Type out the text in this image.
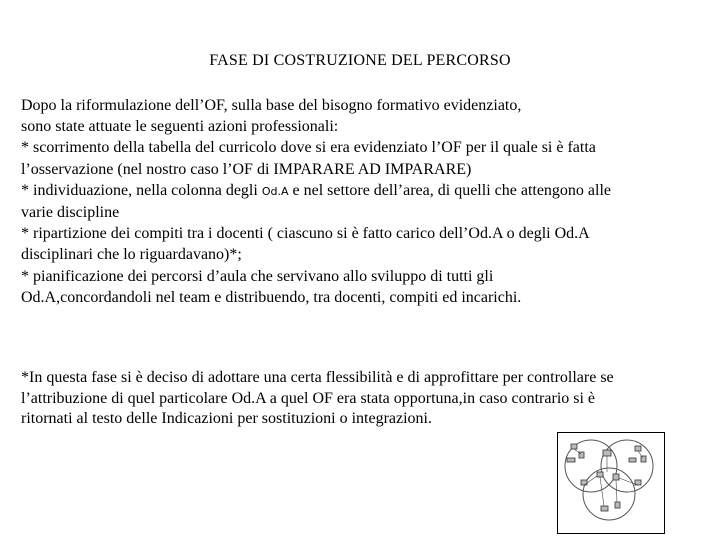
FASE DI COSTRUZIONE DEL PERCORSO
Dopo la riformulazione dell’OF, sulla base del bisogno formativo evidenziato,
sono state attuate le seguenti azioni professionali:
* scorrimento della tabella del curricolo dove si era evidenziato l’OF per il quale si è fatta
l’osservazione (nel nostro caso l’OF di IMPARARE AD IMPARARE)
* individuazione, nella colonna degli Od.A e nel settore dell’area, di quelli che attengono alle
varie discipline
* ripartizione dei compiti tra i docenti ( ciascuno si è fatto carico dell’Od.A o degli Od.A
disciplinari che lo riguardavano)*;
* pianificazione dei percorsi d’aula che servivano allo sviluppo di tutti gli
Od.A,concordandoli nel team e distribuendo, tra docenti, compiti ed incarichi.
*In questa fase si è deciso di adottare una certa flessibilità e di approfittare per controllare se
l’attribuzione di quel particolare Od.A a quel OF era stata opportuna,in caso contrario si è
ritornati al testo delle Indicazioni per sostituzioni o integrazioni.
